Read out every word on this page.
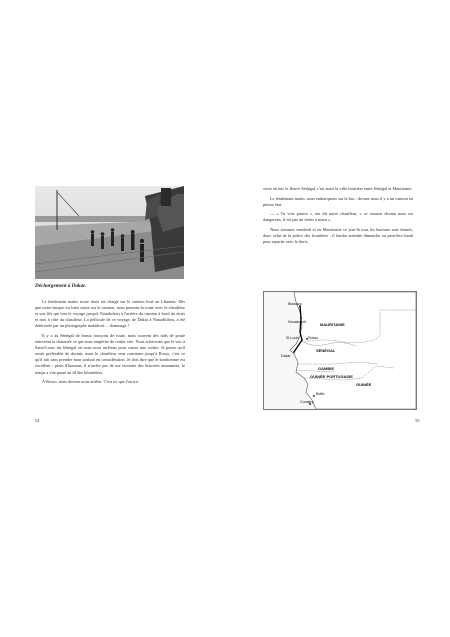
Déchargement à Dakar.

Le lendemain matin, notre doris est chargé sur le camion loué au Libanais. Dès que notre barque est bien saisie sur le camion, nous prenons la route avec le chauffeur et son fils qui fera le voyage jusqu'à Nouakchott à l'arrière du camion à bord du doris et moi à côté du chauffeur. La pellicule de ce voyage, de Dakar à Nouadhibou, a été détériorée par un photographe maladroit… dommage !

Il y a au Sénégal de beaux tronçons de route, mais souvent des nids de poule entravent la chaussée ce qui nous empêche de rouler vite. Nous n'arrivons que le soir à Saint-Louis du Sénégal où nous nous arrêtons pour casser une croûte. Je pense qu'il serait préférable de dormir, mais le chauffeur veut continuer jusqu'à Rosso, c'est ce qu'il fait sans prendre mon souhait en considération. Je dois dire que le bonhomme est excellent ; plein d'humour, il n'arrête pas de me raconter des histoires amusantes, le temps a vite passé au fil des kilomètres.

À Rosso, nous devons nous arrêter. C'est ici que l'on tra-

54

verse en bac le fleuve Sénégal, c'est aussi la ville frontière entre Sénégal et Mauritanie.

Le lendemain matin, nous embarquons sur le bac ; devant nous il y a un camion en piteux état.

— « Tu vois patron », me dit notre chauffeur, « ce camion devant nous est dangereux, il n'a pas de freins à main ».

Nous sommes vendredi et en Mauritanie ce jour-là tous les bureaux sont fermés, donc celui de la police des frontières ; il faudra attendre dimanche ou peut-être lundi pour repartir avec le doris.

Blawaza
Nouakchott	MAURITANIE
St Louis	Rosso
SÉNÉGAL
Dakar
GAMBIE
GUINÉE PORTUGAISE
GUINÉE
Boffa
Conakry
55
